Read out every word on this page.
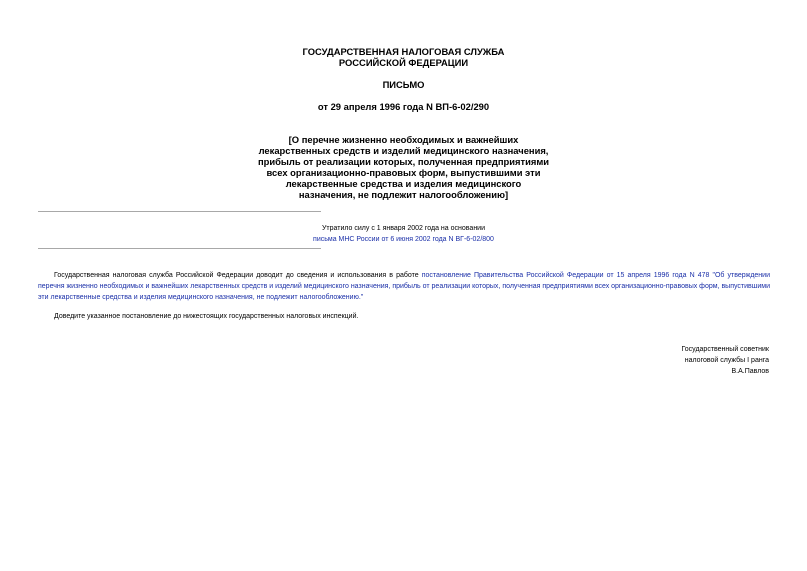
ГОСУДАРСТВЕННАЯ НАЛОГОВАЯ СЛУЖБА
РОССИЙСКОЙ ФЕДЕРАЦИИ
ПИСЬМО
от 29 апреля 1996 года N ВП-6-02/290
[О перечне жизненно необходимых и важнейших
лекарственных средств и изделий медицинского назначения,
прибыль от реализации которых, полученная предприятиями
всех организационно-правовых форм, выпустившими эти
лекарственные средства и изделия медицинского
назначения, не подлежит налогообложению]
Утратило силу с 1 января 2002 года на основании
письма МНС России от 6 июня 2002 года N ВГ-6-02/800
Государственная налоговая служба Российской Федерации доводит до сведения и использования в работе постановление Правительства Российской Федерации от 15 апреля 1996 года N 478 "Об утверждении перечня жизненно необходимых и важнейших лекарственных средств и изделий медицинского назначения, прибыль от реализации которых, полученная предприятиями всех организационно-правовых форм, выпустившими эти лекарственные средства и изделия медицинского назначения, не подлежит налогообложению."
Доведите указанное постановление до нижестоящих государственных налоговых инспекций.
Государственный советник
налоговой службы I ранга
В.А.Павлов
